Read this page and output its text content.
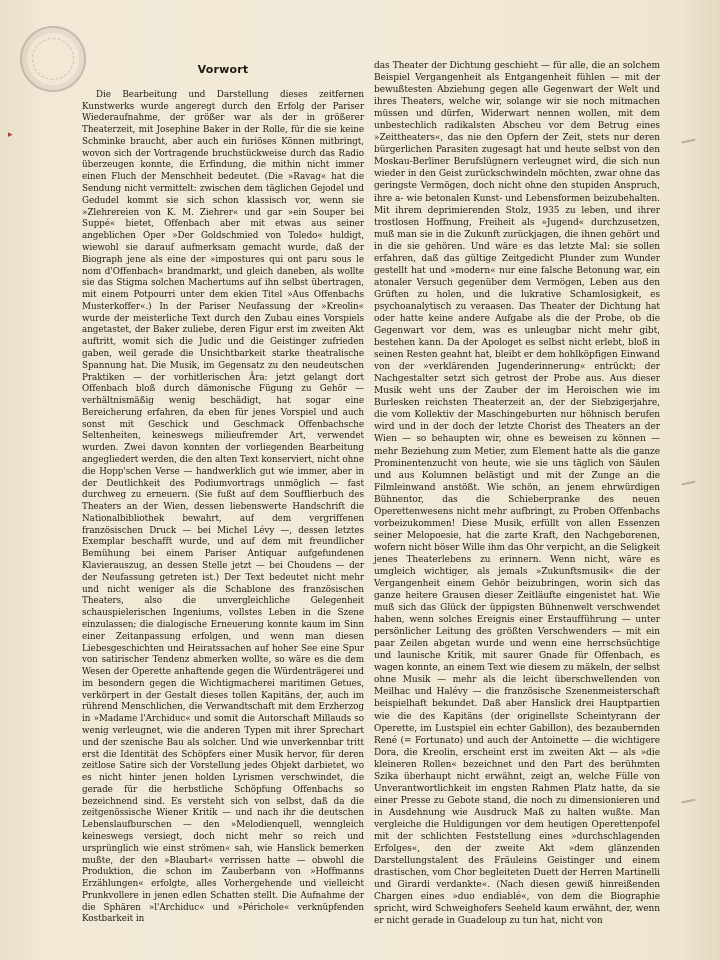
▸
Vorwort

Die Bearbeitung und Darstellung dieses zeitfernen Kunstwerks wurde angeregt durch den Erfolg der Pariser Wiederaufnahme, der größer war als der in größerer Theaterzeit, mit Josephine Baker in der Rolle, für die sie keine Schminke braucht, aber auch ein furiöses Können mitbringt, wovon sich der Vortragende bruchstückweise durch das Radio überzeugen konnte, die Erfindung, die mithin nicht immer einen Fluch der Menschheit bedeutet. (Die »Ravag« hat die Sendung nicht vermittelt: zwischen dem täglichen Gejodel und Gedudel kommt sie sich schon klassisch vor, wenn sie »Zlehrereien von K. M. Ziehrer« und gar »ein Souper bei Suppé« bietet, Offenbach aber mit etwas aus seiner angeblichen Oper »Der Goldschmied von Toledo« huldigt, wiewohl sie darauf aufmerksam gemacht wurde, daß der Biograph jene als eine der »impostures qui ont paru sous le nom d'Offenbach« brandmarkt, und gleich daneben, als wollte sie das Stigma solchen Machertums auf ihn selbst übertragen, mit einem Potpourri unter dem ekien Titel »Aus Offenbachs Musterkoffer«.) In der Pariser Neufassung der »Kreolin« wurde der meisterliche Text durch den Zubau eines Vorspiels angetastet, der Baker zuliebe, deren Figur erst im zweiten Akt auftritt, womit sich die Judic und die Geistinger zufrieden gaben, weil gerade die Unsichtbarkeit starke theatralische Spannung hat. Die Musik, im Gegensatz zu den neudeutschen Praktiken — der vorhitlerischen Ära: jetzt gelangt dort Offenbach bloß durch dämonische Fügung zu Gehör — verhältnismäßig wenig beschädigt, hat sogar eine Bereicherung erfahren, da eben für jenes Vorspiel und auch sonst mit Geschick und Geschmack Offenbachsche Seltenheiten, keineswegs milieufremder Art, verwendet wurden. Zwei davon konnten der vorliegenden Bearbeitung angegliedert werden, die den alten Text konserviert, nicht ohne die Hopp'schen Verse — handwerklich gut wie immer, aber in der Deutlichkeit des Podiumvortrags unmöglich — fast durchweg zu erneuern. (Sie fußt auf dem Soufflierbuch des Theaters an der Wien, dessen liebenswerte Handschrift die Nationalbibliothek bewahrt, auf dem vergriffenen französischen Druck — bei Michel Lévy —, dessen letztes Exemplar beschafft wurde, und auf dem mit freundlicher Bemühung bei einem Pariser Antiquar aufgefundenen Klavierauszug, an dessen Stelle jetzt — bei Choudens — der der Neufassung getreten ist.) Der Text bedeutet nicht mehr und nicht weniger als die Schablone des französischen Theaters, also die unvergleichliche Gelegenheit schauspielerischen Ingeniums, vollstes Leben in die Szene einzulassen; die dialogische Erneuerung konnte kaum im Sinn einer Zeitanpassung erfolgen, und wenn man diesen Liebesgeschichten und Heiratssachen auf hoher See eine Spur von satirischer Tendenz abmerken wollte, so wäre es die dem Wesen der Operette anhaftende gegen die Würdenträgerei und im besondern gegen die Wichtigmacherei maritimen Getues, verkörpert in der Gestalt dieses tollen Kapitäns, der, auch im rührend Menschlichen, die Verwandtschaft mit dem Erzherzog in »Madame l'Archiduc« und somit die Autorschaft Millauds so wenig verleugnet, wie die anderen Typen mit ihrer Sprechart und der szenische Bau als solcher. Und wie unverkennbar tritt erst die Identität des Schöpfers einer Musik hervor, für deren zeitlose Satire sich der Vorstellung jedes Objekt darbietet, wo es nicht hinter jenen holden Lyrismen verschwindet, die gerade für die herbstliche Schöpfung Offenbachs so bezeichnend sind. Es versteht sich von selbst, daß da die zeitgenössische Wiener Kritik — und nach ihr die deutschen Lebenslaufburschen — den »Melodienquell, wenngleich keineswegs versiegt, doch nicht mehr so reich und ursprünglich wie einst strömen« sah, wie Hanslick bemerken mußte, der den »Blaubart« verrissen hatte — obwohl die Produktion, die schon im Zauberbann von »Hoffmanns Erzählungen« erfolgte, alles Vorhergehende und vielleicht Prunkvollere in jenen edlen Schatten stellt. Die Aufnahme der die Sphären »l'Archiduc« und »Périchole« verknüpfenden Kostbarkeit in

das Theater der Dichtung geschieht — für alle, die an solchem Beispiel Vergangenheit als Entgangenheit fühlen — mit der bewußtesten Abziehung gegen alle Gegenwart der Welt und ihres Theaters, welche wir, solange wir sie noch mitmachen müssen und dürfen, Widerwart nennen wollen, mit dem unbestechlich radikalsten Abscheu vor dem Betrug eines »Zeittheaters«, das nie den Opfern der Zeit, stets nur deren bürgerlichen Parasiten zugesagt hat und heute selbst von den Moskau-Berliner Berufslügnern verleugnet wird, die sich nun wieder in den Geist zurückschwindeln möchten, zwar ohne das geringste Vermögen, doch nicht ohne den stupiden Anspruch, ihre a- wie betonalen Kunst- und Lebensformen beizubehalten. Mit ihrem deprimierenden Stolz, 1935 zu leben, und ihrer trostlosen Hoffnung, Freiheit als »Jugend« durchzusetzen, muß man sie in die Zukunft zurückjagen, die ihnen gehört und in die sie gehören. Und wäre es das letzte Mal: sie sollen erfahren, daß das gültige Zeitgedicht Plunder zum Wunder gestellt hat und »modern« nur eine falsche Betonung war, ein atonaler Versuch gegenüber dem Vermögen, Leben aus den Grüften zu holen, und die lukrative Schamlosigkeit, es psychoanalytisch zu veraasen. Das Theater der Dichtung hat oder hatte keine andere Aufgabe als die der Probe, ob die Gegenwart vor dem, was es unleugbar nicht mehr gibt, bestehen kann. Da der Apologet es selbst nicht erlebt, bloß in seinen Resten geahnt hat, bleibt er dem hohlköpfigen Einwand von der »verklärenden Jugenderinnerung« entrückt; der Nachgestalter setzt sich getrost der Probe aus. Aus dieser Musik weht uns der Zauber der im Heroischen wie im Burlesken reichsten Theaterzeit an, der der Siebzigerjahre, die vom Kollektiv der Maschingeburten nur höhnisch berufen wird und in der doch der letzte Chorist des Theaters an der Wien — so behaupten wir, ohne es beweisen zu können — mehr Beziehung zum Metier, zum Element hatte als die ganze Prominentenzucht von heute, wie sie uns täglich von Säulen und aus Kolumnen belästigt und mit der Zunge an die Filmleinwand anstößt. Wie schön, an jenem ehrwürdigen Bühnentor, das die Schieberpranke des neuen Operettenwesens nicht mehr aufbringt, zu Proben Offenbachs vorbeizukommen! Diese Musik, erfüllt von allen Essenzen seiner Melopoesie, hat die zarte Kraft, den Nachgeborenen, wofern nicht böser Wille ihm das Ohr verpicht, an die Seligkeit jenes Theaterlebens zu erinnern. Wenn nicht, wäre es umgleich wichtiger, als jemals »Zukunftsmusik« die der Vergangenheit einem Gehör beizubringen, worin sich das ganze heitere Grausen dieser Zeitläufte eingenistet hat. Wie muß sich das Glück der üppigsten Bühnenwelt verschwendet haben, wenn solches Ereignis einer Erstaufführung — unter persönlicher Leitung des größten Verschwenders — mit ein paar Zeilen abgetan wurde und wenn eine herrschsüchtige und launische Kritik, mit saurer Gnade für Offenbach, es wagen konnte, an einem Text wie diesem zu mäkeln, der selbst ohne Musik — mehr als die leicht überschwellenden von Meilhac und Halévy — die französische Szenenmeisterschaft beispielhaft bekundet. Daß aber Hanslick drei Hauptpartien wie die des Kapitäns (der originellste Scheintyrann der Operette, im Lustspiel ein echter Gabillon), des bezaubernden René (= Fortunato) und auch der Antoinette — die wichtigere Dora, die Kreolin, erscheint erst im zweiten Akt — als »die kleineren Rollen« bezeichnet und den Part des berühmten Szika überhaupt nicht erwähnt, zeigt an, welche Fülle von Unverantwortlichkeit im engsten Rahmen Platz hatte, da sie einer Presse zu Gebote stand, die noch zu dimensionieren und in Ausdehnung wie Ausdruck Maß zu halten wußte. Man vergleiche die Huldigungen vor dem heutigen Operettenpofel mit der schlichten Feststellung eines »durchschlagenden Erfolges«, den der zweite Akt »dem glänzenden Darstellungstalent des Fräuleins Geistinger und einem drastischen, vom Chor begleiteten Duett der Herren Martinelli und Girardi verdankte«. (Nach diesen gewiß hinreißenden Chargen eines »duo endiablé«, von dem die Biographie spricht, wird Schweighofers Seeheld kaum erwähnt, der, wenn er nicht gerade in Guadeloup zu tun hat, nicht von
